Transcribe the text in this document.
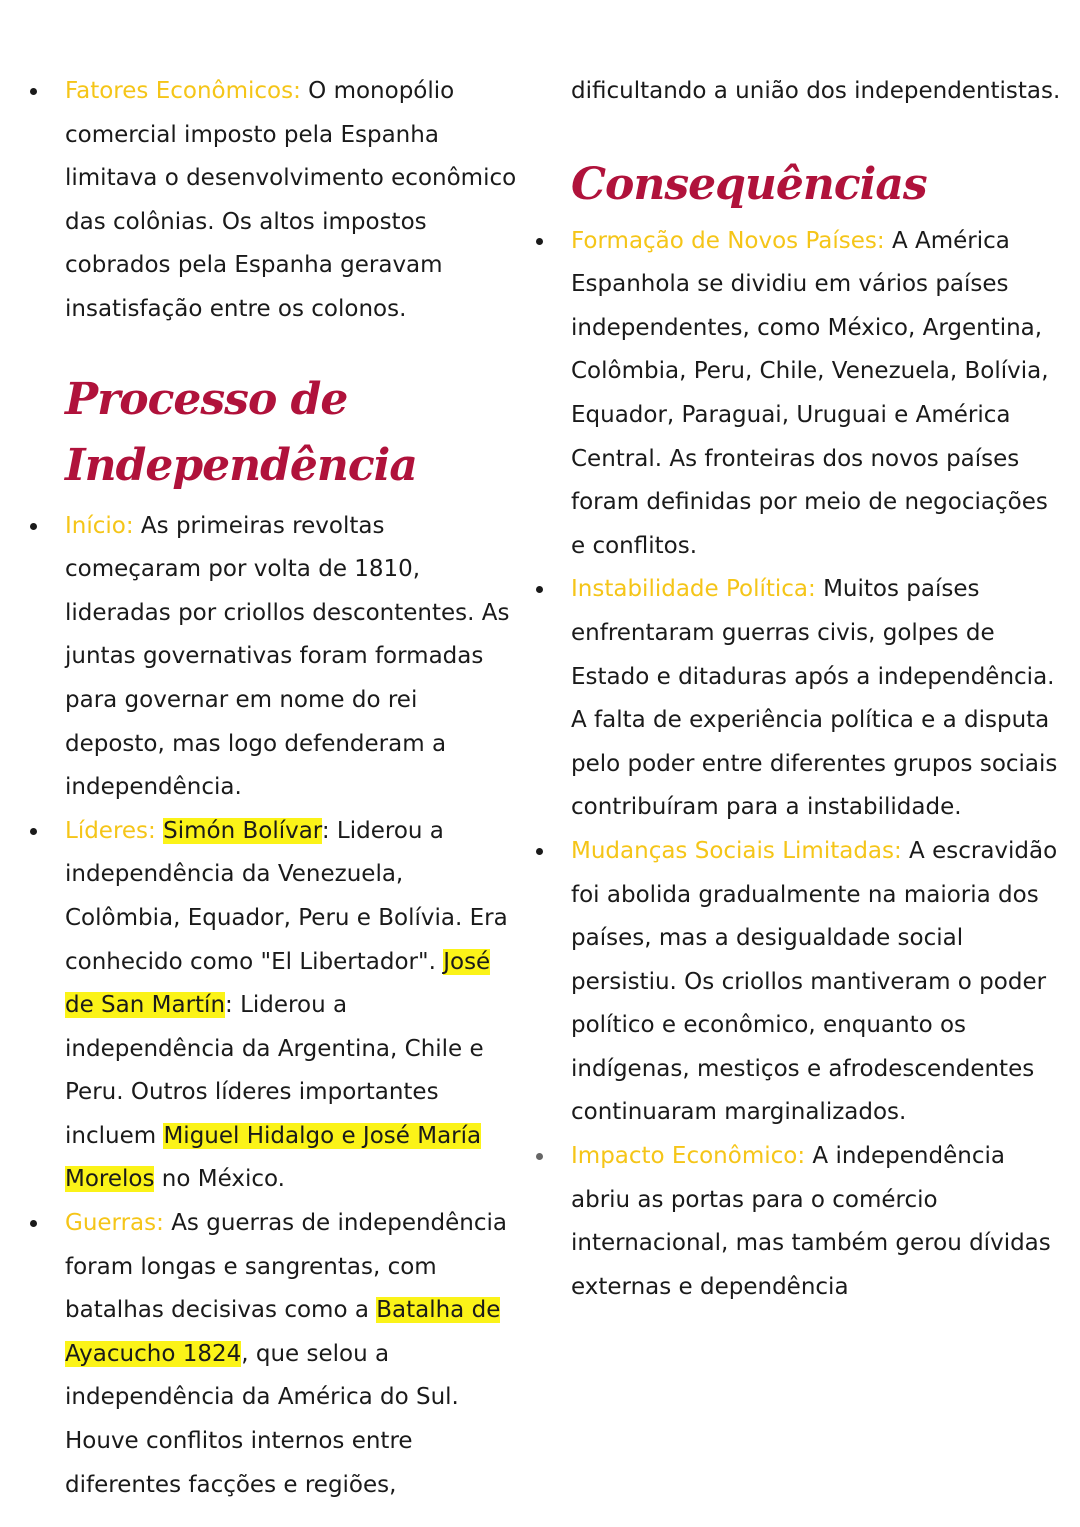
Fatores Econômicos: O monopólio comercial imposto pela Espanha limitava o desenvolvimento econômico das colônias. Os altos impostos cobrados pela Espanha geravam insatisfação entre os colonos.
Processo de
Independência
Início: As primeiras revoltas começaram por volta de 1810, lideradas por criollos descontentes. As juntas governativas foram formadas para governar em nome do rei deposto, mas logo defenderam a independência.
Líderes: Simón Bolívar: Liderou a independência da Venezuela, Colômbia, Equador, Peru e Bolívia. Era conhecido como "El Libertador". José de San Martín: Liderou a independência da Argentina, Chile e Peru. Outros líderes importantes incluem Miguel Hidalgo e José María Morelos no México.
Guerras: As guerras de independência foram longas e sangrentas, com batalhas decisivas como a Batalha de Ayacucho 1824, que selou a independência da América do Sul. Houve conflitos internos entre diferentes facções e regiões,

dificultando a união dos independentistas.

Consequências
Formação de Novos Países: A América Espanhola se dividiu em vários países independentes, como México, Argentina, Colômbia, Peru, Chile, Venezuela, Bolívia, Equador, Paraguai, Uruguai e América Central. As fronteiras dos novos países foram definidas por meio de negociações e conflitos.
Instabilidade Política: Muitos países enfrentaram guerras civis, golpes de Estado e ditaduras após a independência. A falta de experiência política e a disputa pelo poder entre diferentes grupos sociais contribuíram para a instabilidade.
Mudanças Sociais Limitadas: A escravidão foi abolida gradualmente na maioria dos países, mas a desigualdade social persistiu. Os criollos mantiveram o poder político e econômico, enquanto os indígenas, mestiços e afrodescendentes continuaram marginalizados.
Impacto Econômico: A independência abriu as portas para o comércio internacional, mas também gerou dívidas externas e dependência
